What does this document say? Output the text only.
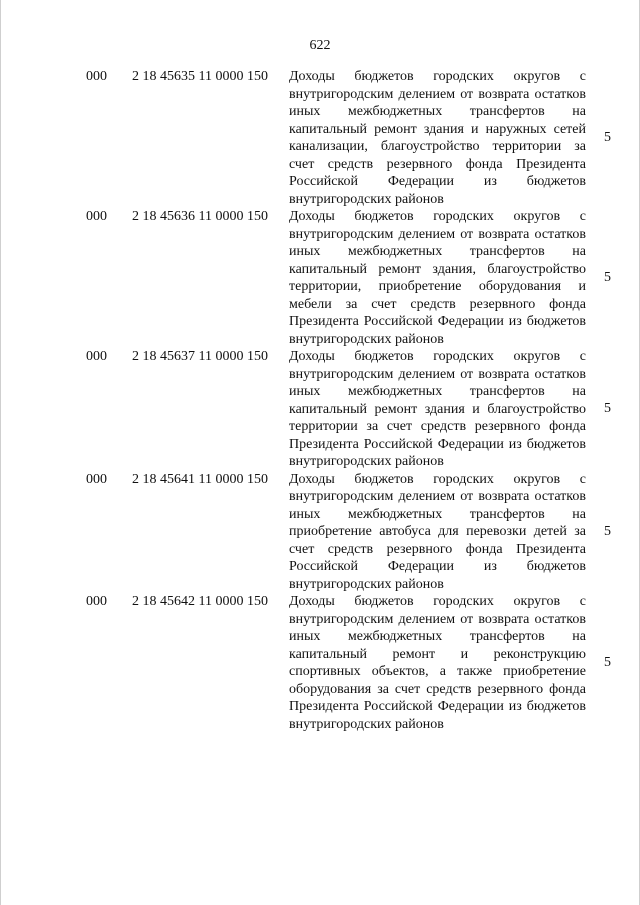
622
000 2 18 45635 11 0000 150 Доходы бюджетов городских округов с внутригородским делением от возврата остатков иных межбюджетных трансфертов на капитальный ремонт здания и наружных сетей канализации, благоустройство территории за счет средств резервного фонда Президента Российской Федерации из бюджетов внутригородских районов
5
000 2 18 45636 11 0000 150 Доходы бюджетов городских округов с внутригородским делением от возврата остатков иных межбюджетных трансфертов на капитальный ремонт здания, благоустройство территории, приобретение оборудования и мебели за счет средств резервного фонда Президента Российской Федерации из бюджетов внутригородских районов
5
000 2 18 45637 11 0000 150 Доходы бюджетов городских округов с внутригородским делением от возврата остатков иных межбюджетных трансфертов на капитальный ремонт здания и благоустройство территории за счет средств резервного фонда Президента Российской Федерации из бюджетов внутригородских районов
5
000 2 18 45641 11 0000 150 Доходы бюджетов городских округов с внутригородским делением от возврата остатков иных межбюджетных трансфертов на приобретение автобуса для перевозки детей за счет средств резервного фонда Президента Российской Федерации из бюджетов внутригородских районов
5
000 2 18 45642 11 0000 150 Доходы бюджетов городских округов с внутригородским делением от возврата остатков иных межбюджетных трансфертов на капитальный ремонт и реконструкцию спортивных объектов, а также приобретение оборудования за счет средств резервного фонда Президента Российской Федерации из бюджетов внутригородских районов
5
